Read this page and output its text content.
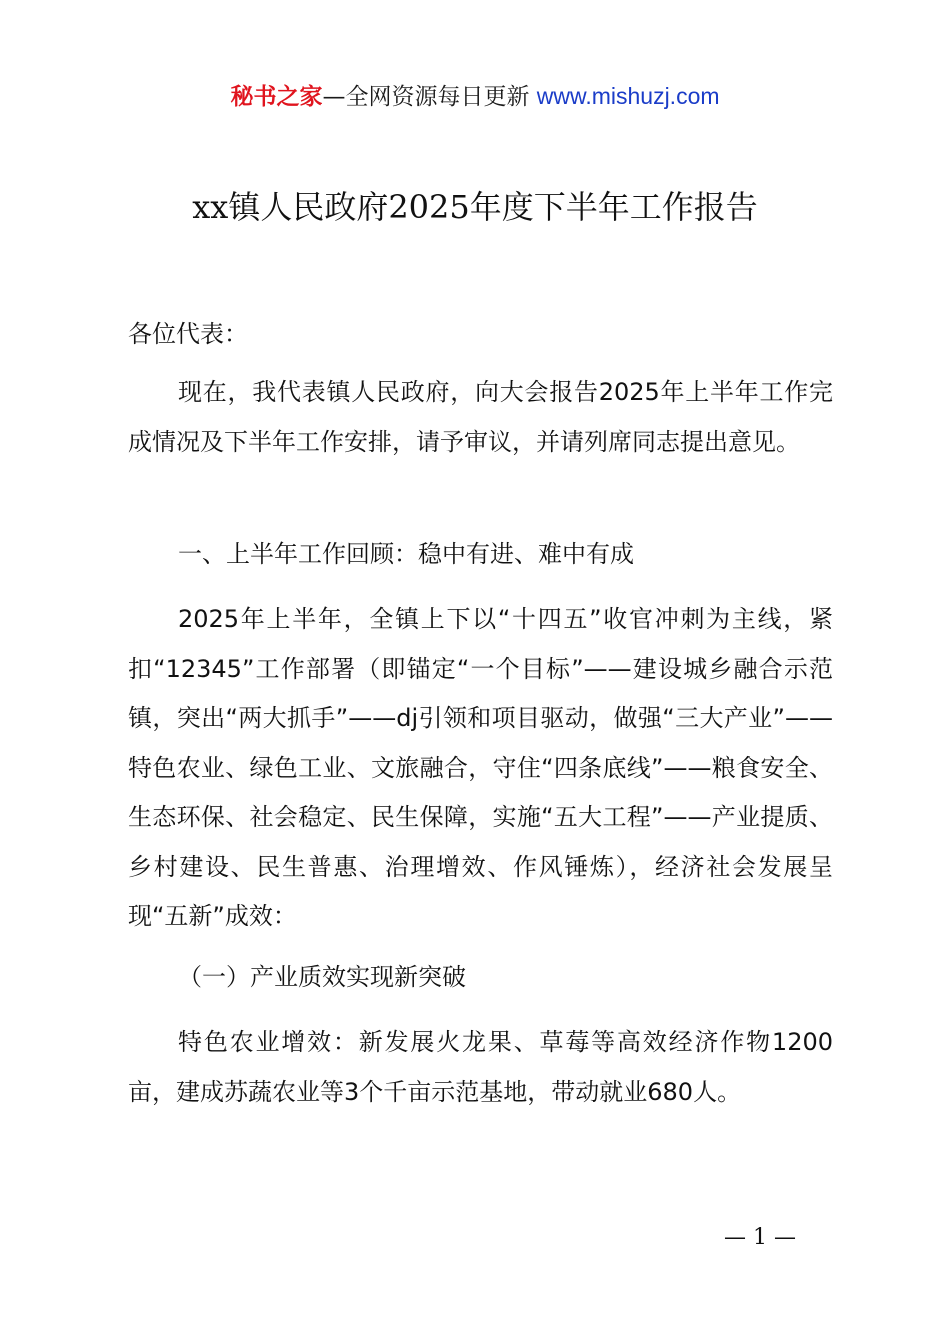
秘书之家—全网资源每日更新 www.mishuzj.com
xx镇人民政府2025年度下半年工作报告

各位代表：

现在，我代表镇人民政府，向大会报告2025年上半年工作完成情况及下半年工作安排，请予审议，并请列席同志提出意见。

一、上半年工作回顾：稳中有进、难中有成

2025年上半年，全镇上下以“十四五”收官冲刺为主线，紧扣“12345”工作部署（即锚定“一个目标”——建设城乡融合示范镇，突出“两大抓手”——dj引领和项目驱动，做强“三大产业”——特色农业、绿色工业、文旅融合，守住“四条底线”——粮食安全、生态环保、社会稳定、民生保障，实施“五大工程”——产业提质、乡村建设、民生普惠、治理增效、作风锤炼），经济社会发展呈现“五新”成效：

（一）产业质效实现新突破

特色农业增效：新发展火龙果、草莓等高效经济作物1200亩，建成苏蔬农业等3个千亩示范基地，带动就业680人。

— 1 —
